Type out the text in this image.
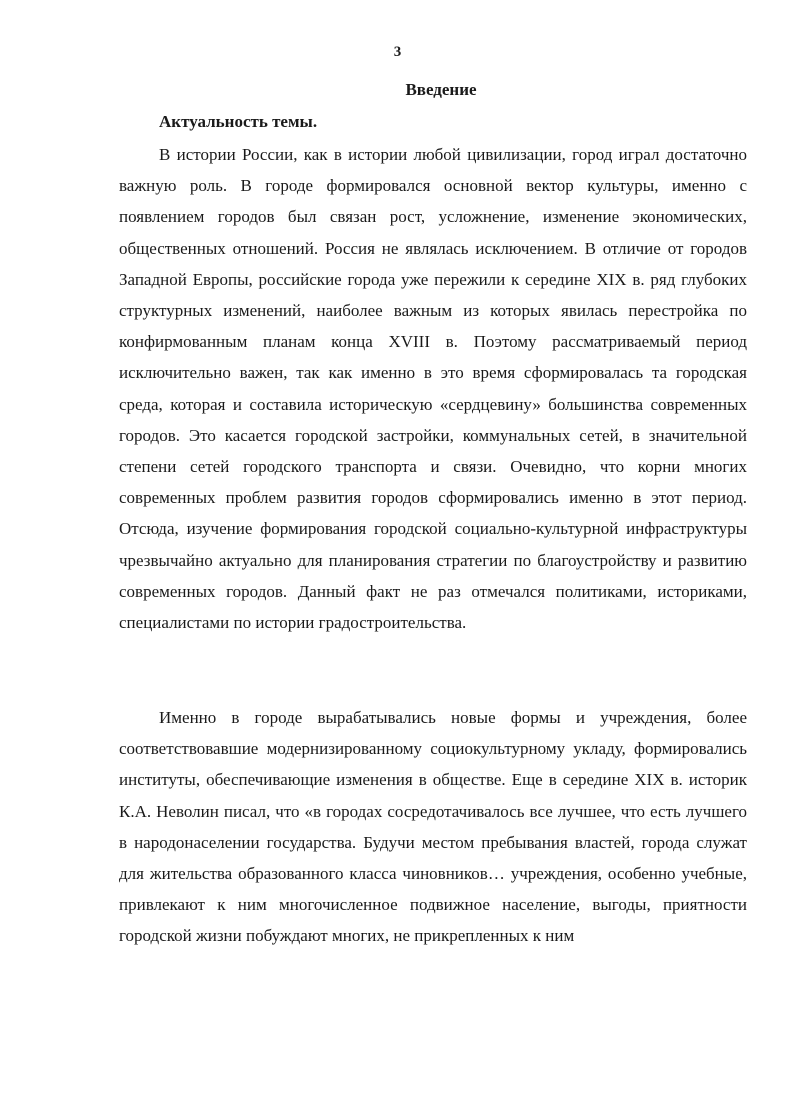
3
Введение
Актуальность темы.

В истории России, как в истории любой цивилизации, город играл достаточно важную роль. В городе формировался основной вектор культуры, именно с появлением городов был связан рост, усложнение, изменение экономических, общественных отношений. Россия не являлась исключением. В отличие от городов Западной Европы, российские города уже пережили к середине XIX в. ряд глубоких структурных изменений, наиболее важным из которых явилась перестройка по конфирмованным планам конца XVIII в. Поэтому рассматриваемый период исключительно важен, так как именно в это время сформировалась та городская среда, которая и составила историческую «сердцевину» большинства современных городов. Это касается городской застройки, коммунальных сетей, в значительной степени сетей городского транспорта и связи. Очевидно, что корни многих современных проблем развития городов сформировались именно в этот период. Отсюда, изучение формирования городской социально-культурной инфраструктуры чрезвычайно актуально для планирования стратегии по благоустройству и развитию современных городов. Данный факт не раз отмечался политиками, историками, специалистами по истории градостроительства.

Именно в городе вырабатывались новые формы и учреждения, более соответствовавшие модернизированному социокультурному укладу, формировались институты, обеспечивающие изменения в обществе. Еще в середине XIX в. историк К.А. Неволин писал, что «в городах сосредотачивалось все лучшее, что есть лучшего в народонаселении государства. Будучи местом пребывания властей, города служат для жительства образованного класса чиновников… учреждения, особенно учебные, привлекают к ним многочисленное подвижное население, выгоды, приятности городской жизни побуждают многих, не прикрепленных к ним
